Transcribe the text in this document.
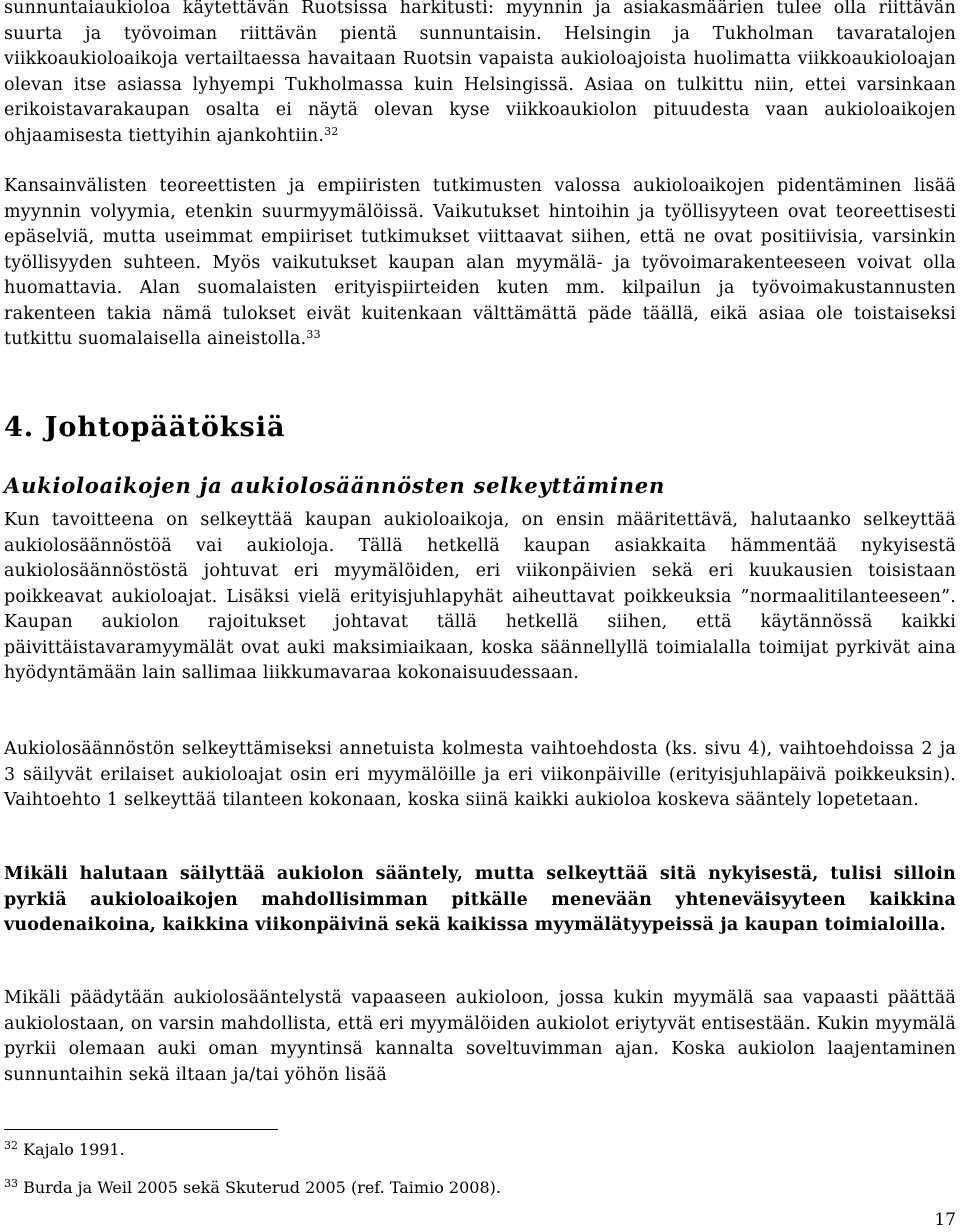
sunnuntaiaukioloa käytettävän Ruotsissa harkitusti: myynnin ja asiakasmäärien tulee olla riittävän suurta ja työvoiman riittävän pientä sunnuntaisin. Helsingin ja Tukholman tavaratalojen viikkoaukioloaikoja vertailtaessa havaitaan Ruotsin vapaista aukioloajoista huolimatta viikkoaukioloajan olevan itse asiassa lyhyempi Tukholmassa kuin Helsingissä. Asiaa on tulkittu niin, ettei varsinkaan erikoistavarakaupan osalta ei näytä olevan kyse viikkoaukiolon pituudesta vaan aukioloaikojen ohjaamisesta tiettyihin ajankohtiin.$^{32}$

Kansainvälisten teoreettisten ja empiiristen tutkimusten valossa aukioloaikojen pidentäminen lisää myynnin volyymia, etenkin suurmyymälöissä. Vaikutukset hintoihin ja työllisyyteen ovat teoreettisesti epäselviä, mutta useimmat empiiriset tutkimukset viittaavat siihen, että ne ovat positiivisia, varsinkin työllisyyden suhteen. Myös vaikutukset kaupan alan myymälä- ja työvoimarakenteeseen voivat olla huomattavia. Alan suomalaisten erityispiirteiden kuten mm. kilpailun ja työvoimakustannusten rakenteen takia nämä tulokset eivät kuitenkaan välttämättä päde täällä, eikä asiaa ole toistaiseksi tutkittu suomalaisella aineistolla.$^{33}$

4. Johtopäätöksiä
Aukioloaikojen ja aukiolosäännösten selkeyttäminen

Kun tavoitteena on selkeyttää kaupan aukioloaikoja, on ensin määritettävä, halutaanko selkeyttää aukiolosäännöstöä vai aukioloja. Tällä hetkellä kaupan asiakkaita hämmentää nykyisestä aukiolosäännöstöstä johtuvat eri myymälöiden, eri viikonpäivien sekä eri kuukausien toisistaan poikkeavat aukioloajat. Lisäksi vielä erityisjuhlapyhät aiheuttavat poikkeuksia ”normaalitilanteeseen”. Kaupan aukiolon rajoitukset johtavat tällä hetkellä siihen, että käytännössä kaikki päivittäistavaramyymälät ovat auki maksimiaikaan, koska säännellyllä toimialalla toimijat pyrkivät aina hyödyntämään lain sallimaa liikkumavaraa kokonaisuudessaan.

Aukiolosäännöstön selkeyttämiseksi annetuista kolmesta vaihtoehdosta (ks. sivu 4), vaihtoehdoissa 2 ja 3 säilyvät erilaiset aukioloajat osin eri myymälöille ja eri viikonpäiville (erityisjuhlapäivä poikkeuksin). Vaihtoehto 1 selkeyttää tilanteen kokonaan, koska siinä kaikki aukioloa koskeva sääntely lopetetaan.

Mikäli halutaan säilyttää aukiolon sääntely, mutta selkeyttää sitä nykyisestä, tulisi silloin pyrkiä aukioloaikojen mahdollisimman pitkälle menevään yhteneväisyyteen kaikkina vuodenaikoina, kaikkina viikonpäivinä sekä kaikissa myymälätyypeissä ja kaupan toimialoilla.

Mikäli päädytään aukiolosääntelystä vapaaseen aukioloon, jossa kukin myymälä saa vapaasti päättää aukiolostaan, on varsin mahdollista, että eri myymälöiden aukiolot eriytyvät entisestään. Kukin myymälä pyrkii olemaan auki oman myyntinsä kannalta soveltuvimman ajan. Koska aukiolon laajentaminen sunnuntaihin sekä iltaan ja/tai yöhön lisää

$^{32}$ Kajalo 1991.

$^{33}$ Burda ja Weil 2005 sekä Skuterud 2005 (ref. Taimio 2008).

17
